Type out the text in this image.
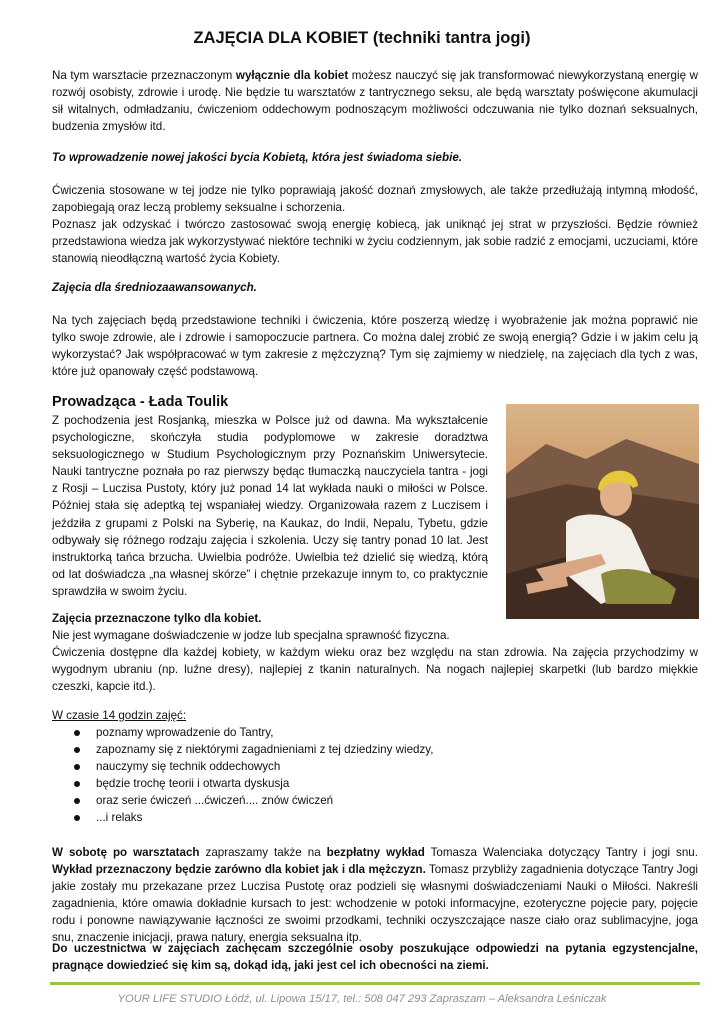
ZAJĘCIA DLA KOBIET (techniki tantra jogi)

Na tym warsztacie przeznaczonym wyłącznie dla kobiet możesz nauczyć się jak transformować niewykorzystaną energię w rozwój osobisty, zdrowie i urodę. Nie będzie tu warsztatów z tantrycznego seksu, ale będą warsztaty poświęcone akumulacji sił witalnych, odmładzaniu, ćwiczeniom oddechowym podnoszącym możliwości odczuwania nie tylko doznań seksualnych, budzenia zmysłów itd.

To wprowadzenie nowej jakości bycia Kobietą, która jest świadoma siebie.

Ćwiczenia stosowane w tej jodze nie tylko poprawiają jakość doznań zmysłowych, ale także przedłużają intymną młodość, zapobiegają oraz leczą problemy seksualne i schorzenia.

Poznasz jak odzyskać i twórczo zastosować swoją energię kobiecą, jak uniknąć jej strat w przyszłości. Będzie również przedstawiona wiedza jak wykorzystywać niektóre techniki w życiu codziennym, jak sobie radzić z emocjami, uczuciami, które stanowią nieodłączną wartość życia Kobiety.

Zajęcia dla średniozaawansowanych.

Na tych zajęciach będą przedstawione techniki i ćwiczenia, które poszerzą wiedzę i wyobrażenie jak można poprawić nie tylko swoje zdrowie, ale i zdrowie i samopoczucie partnera. Co można dalej zrobić ze swoją energią? Gdzie i w jakim celu ją wykorzystać? Jak współpracować w tym zakresie z mężczyzną? Tym się zajmiemy w niedzielę, na zajęciach dla tych z was, które już opanowały część podstawową.

Prowadząca - Łada Toulik

Z pochodzenia jest Rosjanką, mieszka w Polsce już od dawna. Ma wykształcenie psychologiczne, skończyła studia podyplomowe w zakresie doradztwa seksuologicznego w Studium Psychologicznym przy Poznańskim Uniwersytecie. Nauki tantryczne poznała po raz pierwszy będąc tłumaczką nauczyciela tantra - jogi z Rosji – Luczisa Pustoty, który już ponad 14 lat wykłada nauki o miłości w Polsce. Później stała się adeptką tej wspaniałej wiedzy. Organizowała razem z Luczisem i jeździła z grupami z Polski na Syberię, na Kaukaz, do Indii, Nepalu, Tybetu, gdzie odbywały się różnego rodzaju zajęcia i szkolenia. Uczy się tantry ponad 10 lat. Jest instruktorką tańca brzucha. Uwielbia podróże. Uwielbia też dzielić się wiedzą, którą od lat doświadcza „na własnej skórze” i chętnie przekazuje innym to, co praktycznie sprawdziła w swoim życiu.

Zajęcia przeznaczone tylko dla kobiet.
Nie jest wymagane doświadczenie w jodze lub specjalna sprawność fizyczna.
Ćwiczenia dostępne dla każdej kobiety, w każdym wieku oraz bez względu na stan zdrowia. Na zajęcia przychodzimy w wygodnym ubraniu (np. luźne dresy), najlepiej z tkanin naturalnych. Na nogach najlepiej skarpetki (lub bardzo miękkie czeszki, kapcie itd.).
W czasie 14 godzin zajęć:
poznamy wprowadzenie do Tantry,
zapoznamy się z niektórymi zagadnieniami z tej dziedziny wiedzy,
nauczymy się technik oddechowych
będzie trochę teorii i otwarta dyskusja
oraz serie ćwiczeń ...ćwiczeń.... znów ćwiczeń
...i relaks

W sobotę po warsztatach zapraszamy także na bezpłatny wykład Tomasza Walenciaka dotyczący Tantry i jogi snu. Wykład przeznaczony będzie zarówno dla kobiet jak i dla mężczyzn. Tomasz przybliży zagadnienia dotyczące Tantry Jogi jakie zostały mu przekazane przez Luczisa Pustotę oraz podzieli się własnymi doświadczeniami Nauki o Miłości. Nakreśli zagadnienia, które omawia dokładnie kursach to jest: wchodzenie w potoki informacyjne, ezoteryczne pojęcie pary, pojęcie rodu i ponowne nawiązywanie łączności ze swoimi przodkami, techniki oczyszczające nasze ciało oraz sublimacyjne, joga snu, znaczenie inicjacji, prawa natury, energia seksualna itp.

Do uczestnictwa w zajęciach zachęcam szczególnie osoby poszukujące odpowiedzi na pytania egzystencjalne, pragnące dowiedzieć się kim są, dokąd idą, jaki jest cel ich obecności na ziemi.

YOUR LIFE STUDIO Łódź, ul. Lipowa 15/17, tel.: 508 047 293 Zapraszam – Aleksandra Leśniczak
